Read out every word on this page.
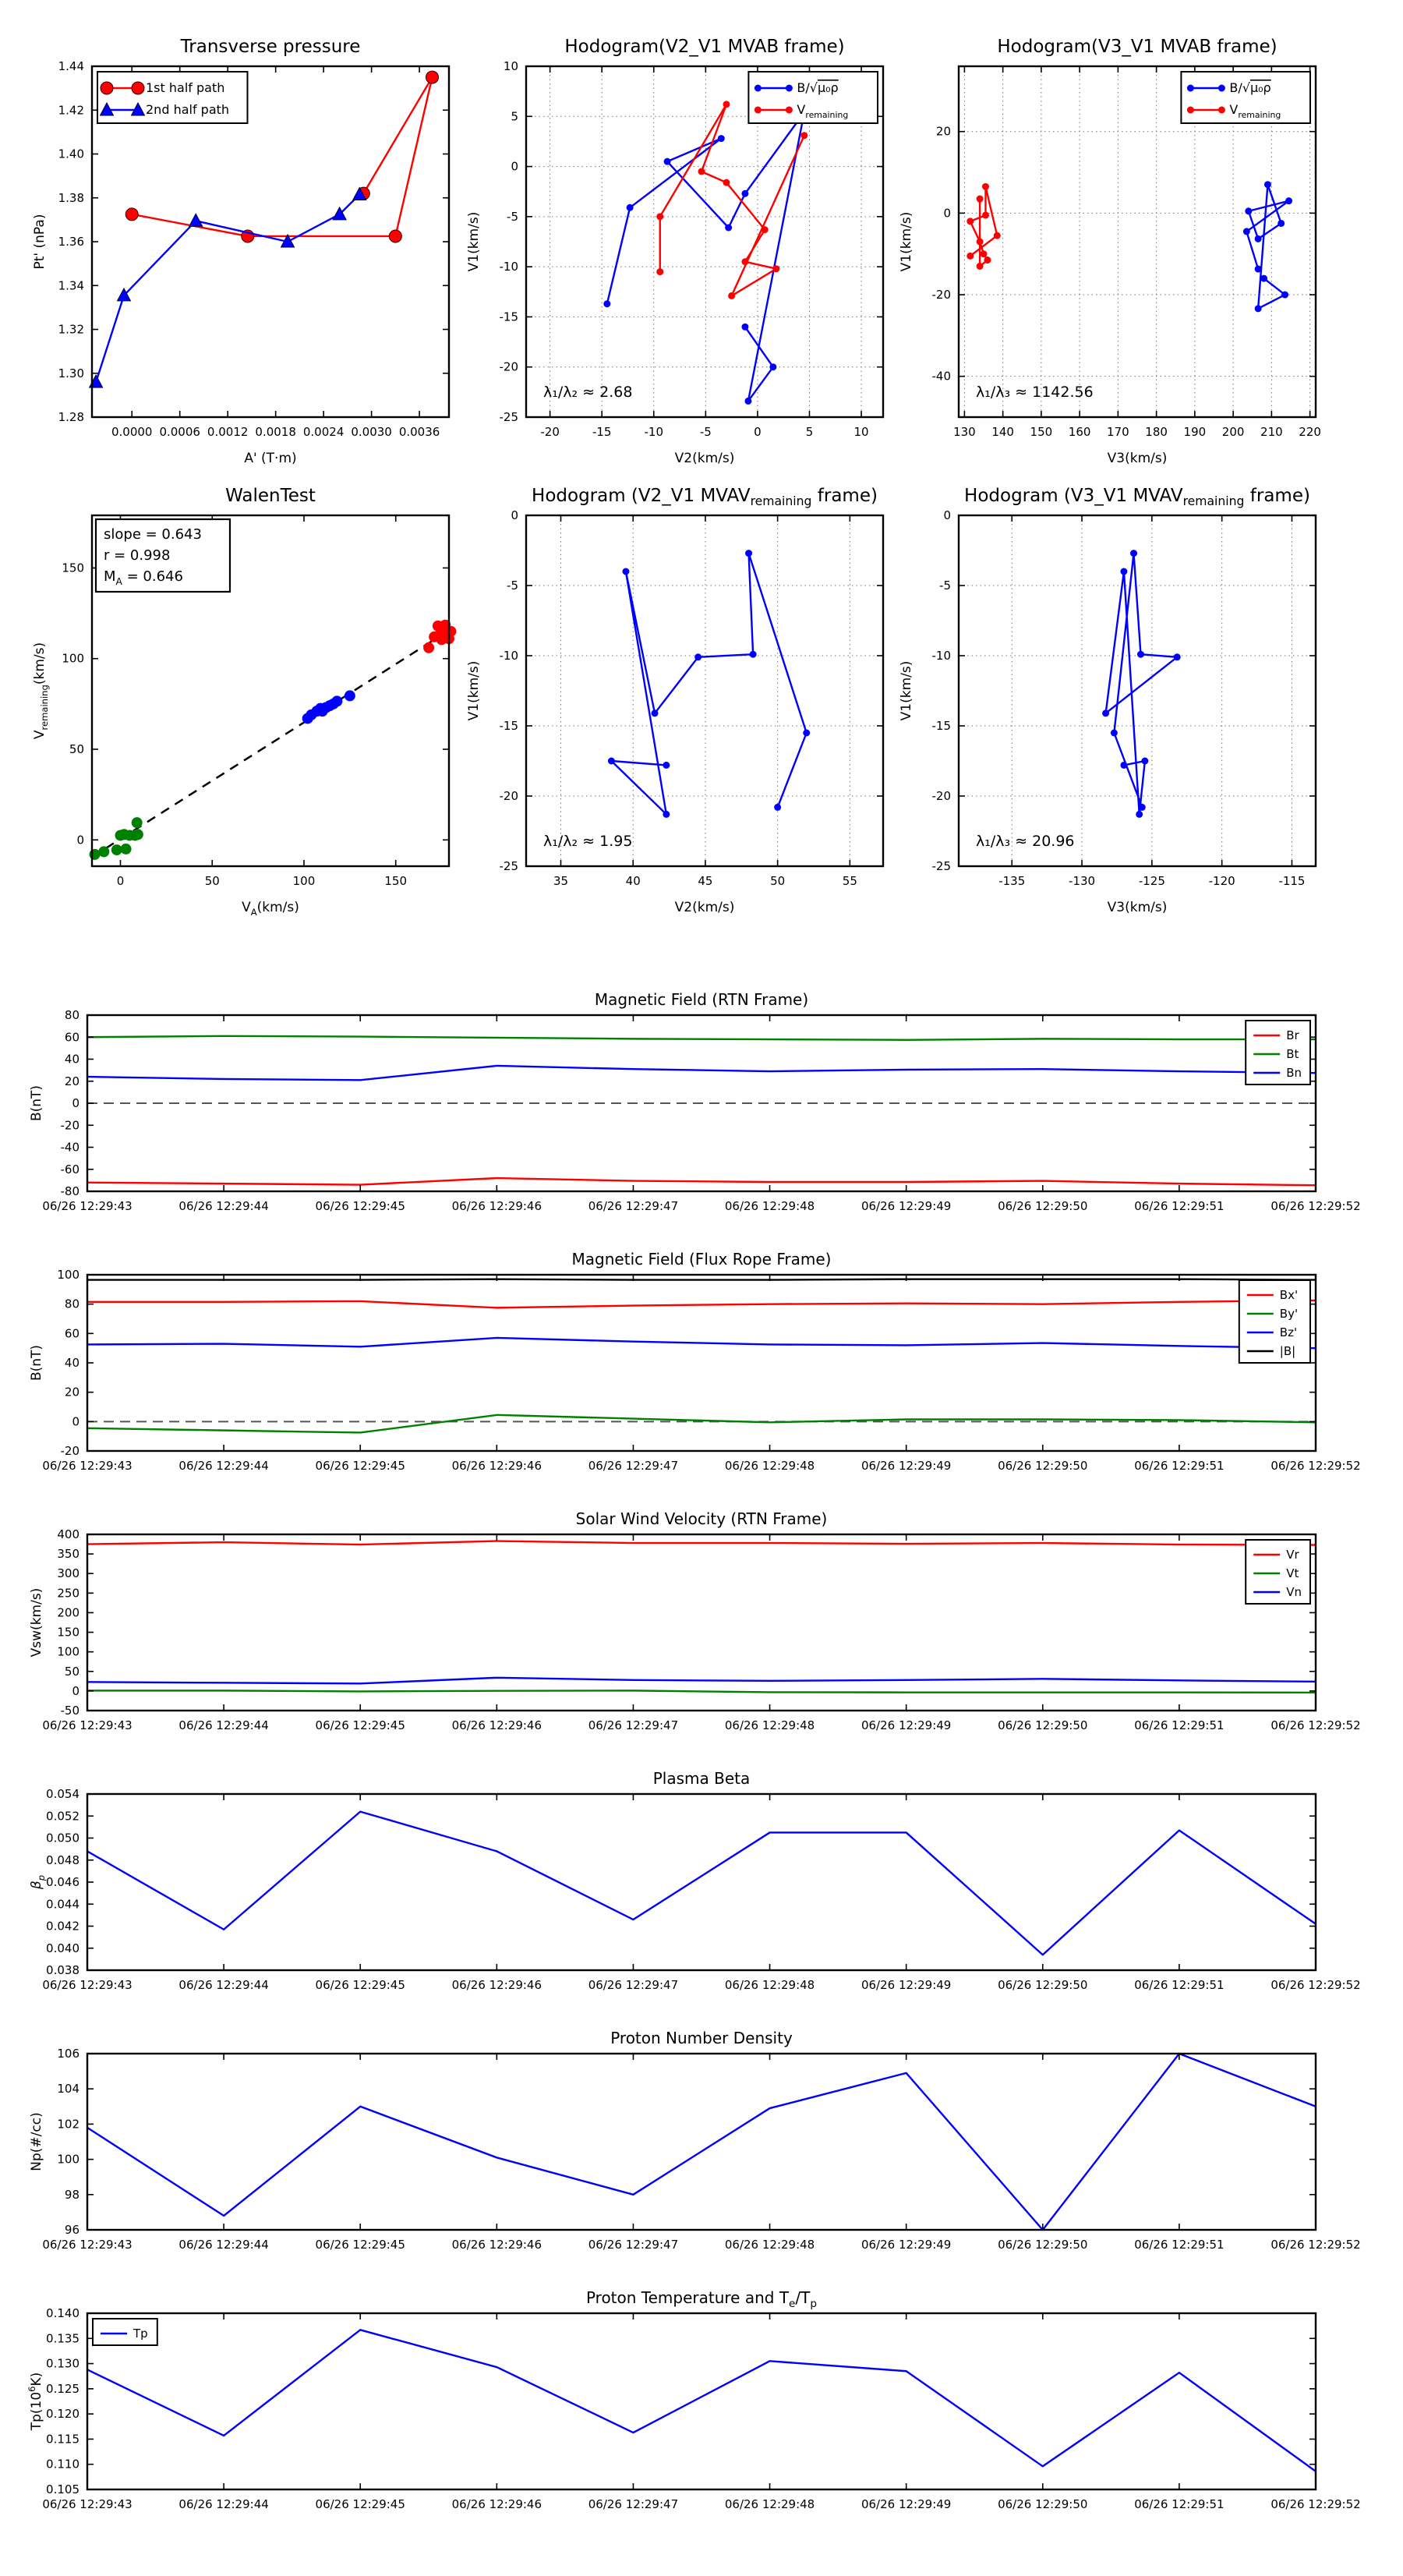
0.0000 0.0006 0.0012 0.0018 0.0024 0.0030 0.0036
1.28
1.30
1.32
1.34
1.36
1.38
1.40
1.42
1.44
Transverse pressure
A' (T·m)
Pt' (nPa)
1st half path
2nd half path
-20	-15	-10	-5	0	5	10
-25
-20
-15
-10
-5
0
5
10
Hodogram(V2_V1 MVAB frame)
V2(km/s)
V1(km/s)
λ₁/λ₂ ≈ 2.68
B/√μ₀ρ
$V_{remaining}$
130 140 150 160 170 180 190 200 210 220
-40
-20
0
20
Hodogram(V3_V1 MVAB frame)
V3(km/s)
V1(km/s)
λ₁/λ₃ ≈ 1142.56
B/√μ₀ρ
$V_{remaining}$
0	50	100	150
0
50
100
150
WalenTest
$V_A(km/s)$
$V_{remaining}(km/s)$
slope = 0.643
r = 0.998
$M_A = 0.646$
35	40	45	50	55
-25
-20
-15
-10
-5
0
Hodogram (V2_V1 $MVAV_{remaining}$ frame)
V2(km/s)
V1(km/s)
λ₁/λ₂ ≈ 1.95
-135	-130	-125	-120	-115
-25
-20
-15
-10
-5
0
Hodogram (V3_V1 $MVAV_{remaining}$ frame)
V3(km/s)
V1(km/s)
λ₁/λ₃ ≈ 20.96
06/26 12:29:43	06/26 12:29:44	06/26 12:29:45	06/26 12:29:46	06/26 12:29:47	06/26 12:29:48	06/26 12:29:49	06/26 12:29:50	06/26 12:29:51	06/26 12:29:52
-80
-60
-40
-20
0
20
40
60
80
Magnetic Field (RTN Frame)
B(nT)
Br
Bt
Bn
06/26 12:29:43	06/26 12:29:44	06/26 12:29:45	06/26 12:29:46	06/26 12:29:47	06/26 12:29:48	06/26 12:29:49	06/26 12:29:50	06/26 12:29:51	06/26 12:29:52
-20
0
20
40
60
80
100
Magnetic Field (Flux Rope Frame)
B(nT)
Bx'
By'
Bz'
|B|
06/26 12:29:43	06/26 12:29:44	06/26 12:29:45	06/26 12:29:46	06/26 12:29:47	06/26 12:29:48	06/26 12:29:49	06/26 12:29:50	06/26 12:29:51	06/26 12:29:52
-50
0
50
100
150
200
250
300
350
400
Solar Wind Velocity (RTN Frame)
Vsw(km/s)
Vr
Vt
Vn
06/26 12:29:43	06/26 12:29:44	06/26 12:29:45	06/26 12:29:46	06/26 12:29:47	06/26 12:29:48	06/26 12:29:49	06/26 12:29:50	06/26 12:29:51	06/26 12:29:52
0.038
0.040
0.042
0.044
0.046
0.048
0.050
0.052
0.054
Plasma Beta
$\beta_p$
06/26 12:29:43	06/26 12:29:44	06/26 12:29:45	06/26 12:29:46	06/26 12:29:47	06/26 12:29:48	06/26 12:29:49	06/26 12:29:50	06/26 12:29:51	06/26 12:29:52
96
98
100
102
104
106
Proton Number Density
Np(#/cc)
06/26 12:29:43	06/26 12:29:44	06/26 12:29:45	06/26 12:29:46	06/26 12:29:47	06/26 12:29:48	06/26 12:29:49	06/26 12:29:50	06/26 12:29:51	06/26 12:29:52
0.105
0.110
0.115
0.120
0.125
0.130
0.135
0.140
Proton Temperature and $T_e/T_p$
$Tp(10^6K)$
Tp
